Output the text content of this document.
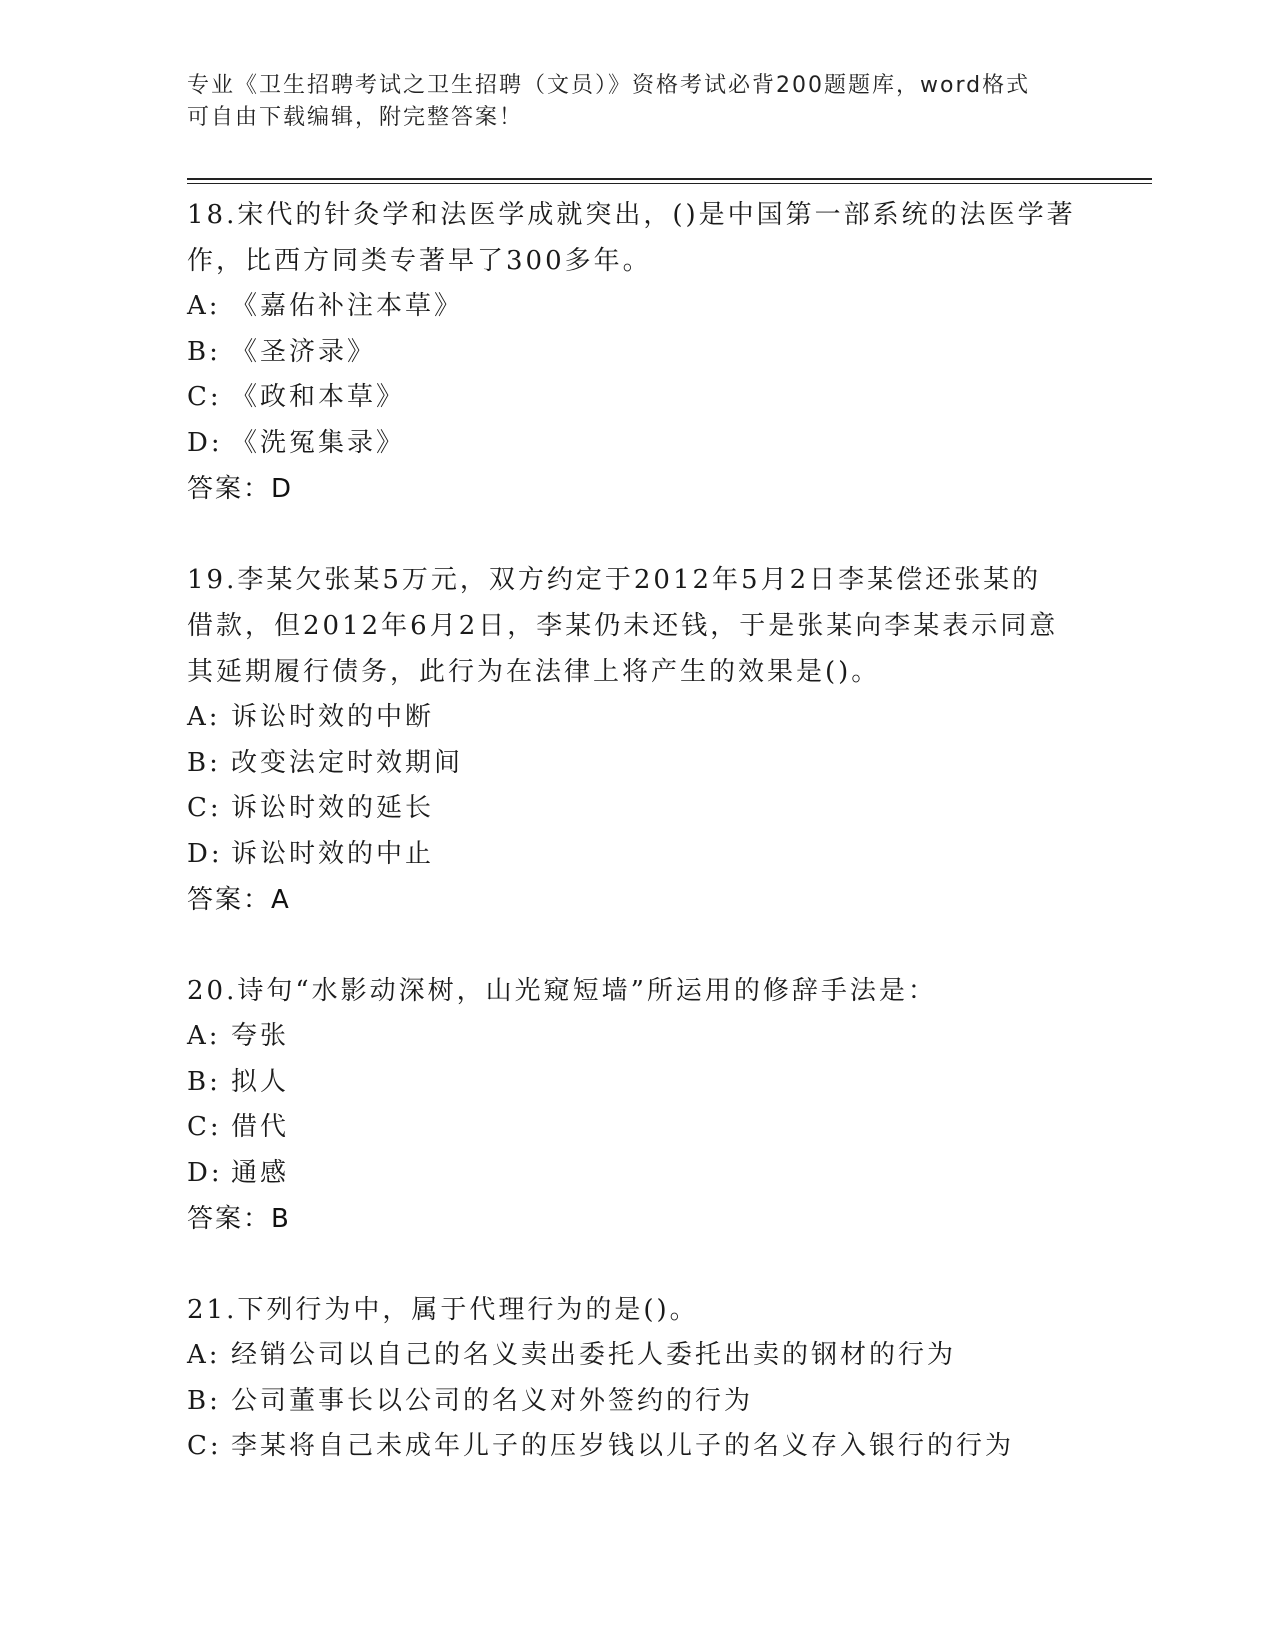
专业《卫生招聘考试之卫生招聘（文员）》资格考试必背200题题库，word格式
可自由下载编辑，附完整答案！
18.宋代的针灸学和法医学成就突出，()是中国第一部系统的法医学著
作，比西方同类专著早了300多年。
A: 《嘉佑补注本草》
B: 《圣济录》
C: 《政和本草》
D: 《洗冤集录》
答案：D
19.李某欠张某5万元，双方约定于2012年5月2日李某偿还张某的
借款，但2012年6月2日，李某仍未还钱，于是张某向李某表示同意
其延期履行债务，此行为在法律上将产生的效果是()。
A: 诉讼时效的中断
B: 改变法定时效期间
C: 诉讼时效的延长
D: 诉讼时效的中止
答案：A
20.诗句“水影动深树，山光窥短墙”所运用的修辞手法是：
A: 夸张
B: 拟人
C: 借代
D: 通感
答案：B
21.下列行为中，属于代理行为的是()。
A: 经销公司以自己的名义卖出委托人委托出卖的钢材的行为
B: 公司董事长以公司的名义对外签约的行为
C: 李某将自己未成年儿子的压岁钱以儿子的名义存入银行的行为
